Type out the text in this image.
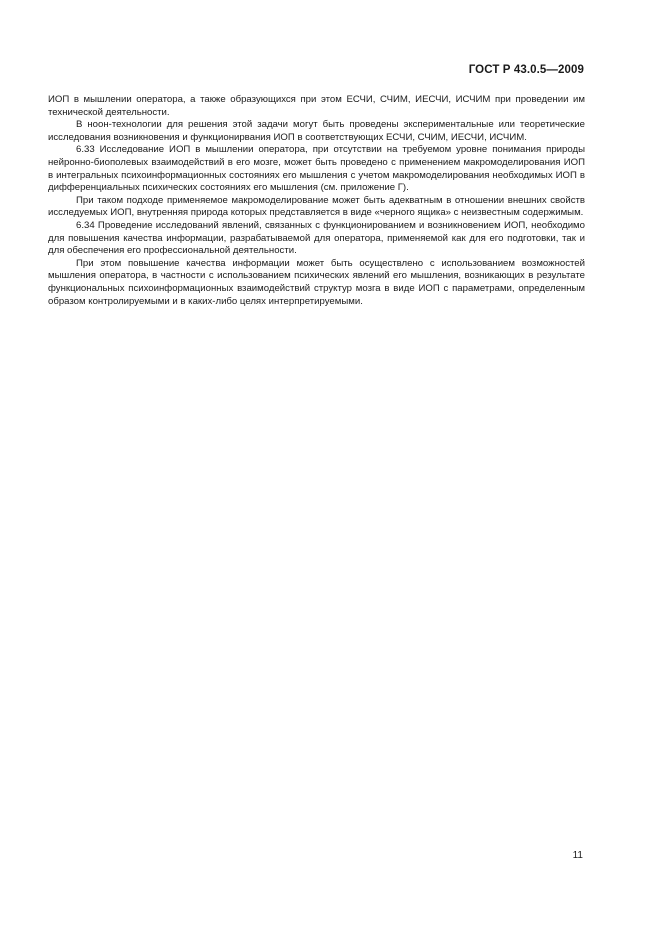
ГОСТ Р 43.0.5—2009

ИОП в мышлении оператора, а также образующихся при этом ЕСЧИ, СЧИМ, ИЕСЧИ, ИСЧИМ при проведении им технической деятельности.

В ноон-технологии для решения этой задачи могут быть проведены экспериментальные или теоретические исследования возникновения и функционирвания ИОП в соответствующих ЕСЧИ, СЧИМ, ИЕСЧИ, ИСЧИМ.

6.33 Исследование ИОП в мышлении оператора, при отсутствии на требуемом уровне понимания природы нейронно-биополевых взаимодействий в его мозге, может быть проведено с применением макромоделирования ИОП в интегральных психоинформационных состояниях его мышления с учетом макромоделирования необходимых ИОП в дифференциальных психических состояниях его мышления (см. приложение Г).

При таком подходе применяемое макромоделирование может быть адекватным в отношении внешних свойств исследуемых ИОП, внутренняя природа которых представляется в виде «черного ящика» с неизвестным содержимым.

6.34 Проведение исследований явлений, связанных с функционированием и возникновением ИОП, необходимо для повышения качества информации, разрабатываемой для оператора, применяемой как для его подготовки, так и для обеспечения его профессиональной деятельности.

При этом повышение качества информации может быть осуществлено с использованием возможностей мышления оператора, в частности с использованием психических явлений его мышления, возникающих в результате функциональных психоинформационных взаимодействий структур мозга в виде ИОП с параметрами, определенным образом контролируемыми и в каких-либо целях интерпретируемыми.

11
